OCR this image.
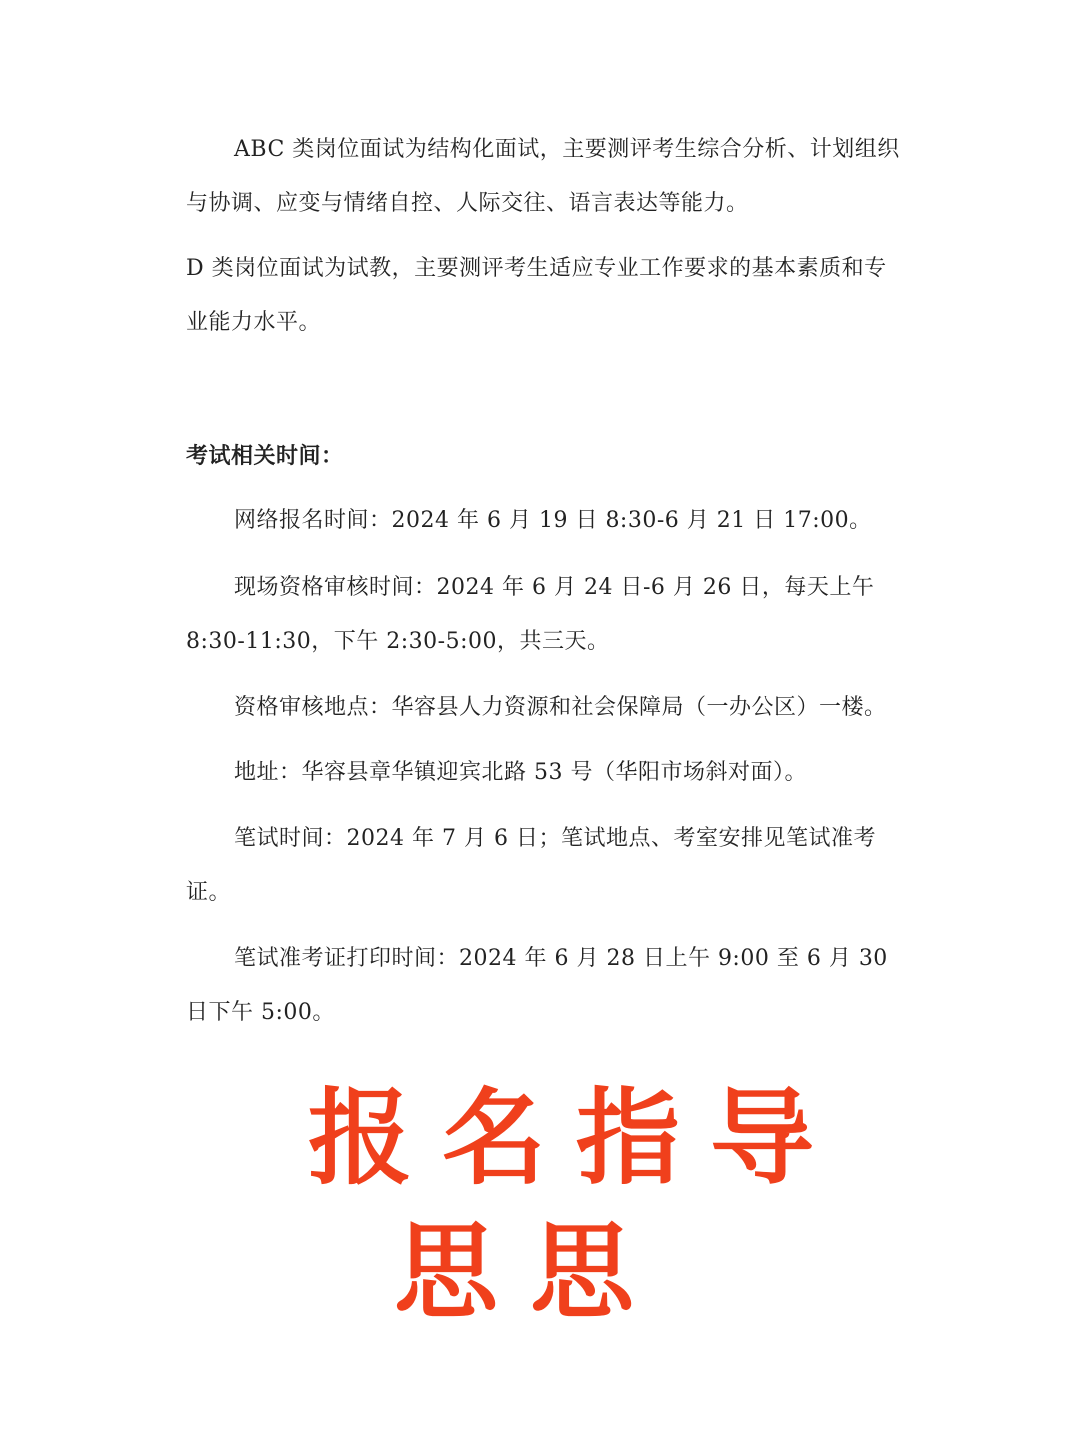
ABC 类岗位面试为结构化面试，主要测评考生综合分析、计划组织与协调、应变与情绪自控、人际交往、语言表达等能力。

D 类岗位面试为试教，主要测评考生适应专业工作要求的基本素质和专业能力水平。

考试相关时间：

网络报名时间：2024 年 6 月 19 日 8:30-6 月 21 日 17:00。

现场资格审核时间：2024 年 6 月 24 日-6 月 26 日，每天上午 8:30-11:30，下午 2:30-5:00，共三天。

资格审核地点：华容县人力资源和社会保障局（一办公区）一楼。

地址：华容县章华镇迎宾北路 53 号（华阳市场斜对面）。

笔试时间：2024 年 7 月 6 日；笔试地点、考室安排见笔试准考证。

笔试准考证打印时间：2024 年 6 月 28 日上午 9:00 至 6 月 30 日下午 5:00。

报名指导
思思
